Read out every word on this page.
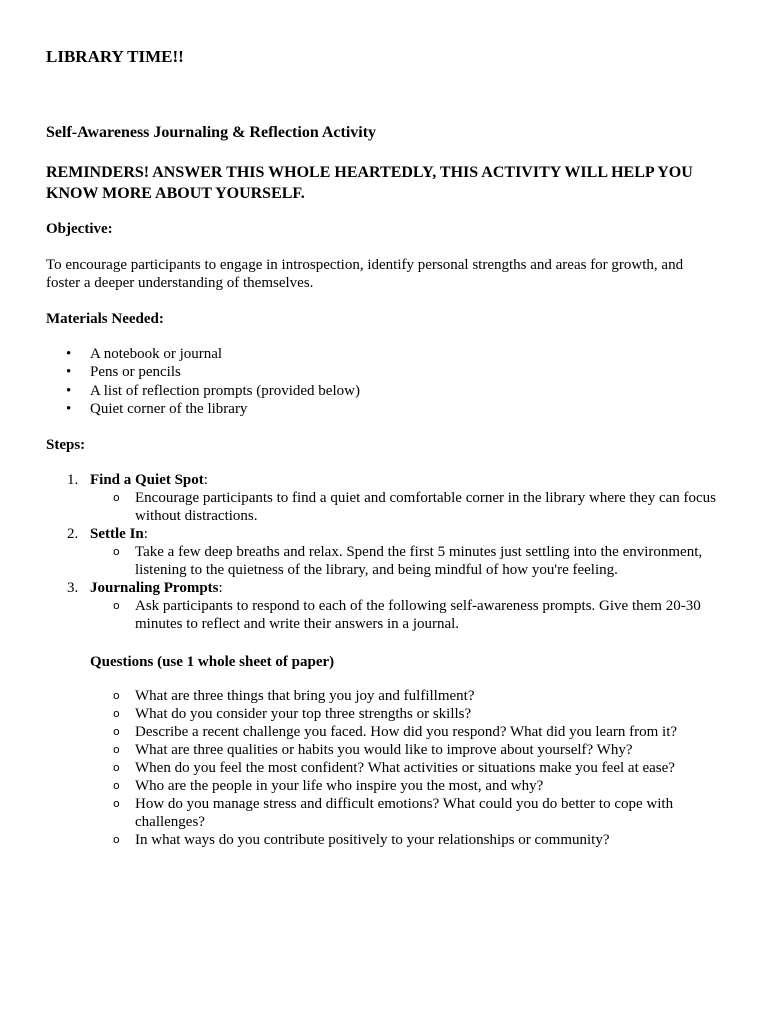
LIBRARY TIME!!
Self-Awareness Journaling & Reflection Activity

REMINDERS! ANSWER THIS WHOLE HEARTEDLY, THIS ACTIVITY WILL HELP YOU KNOW MORE ABOUT YOURSELF.

Objective:

To encourage participants to engage in introspection, identify personal strengths and areas for growth, and foster a deeper understanding of themselves.

Materials Needed:

• A notebook or journal
• Pens or pencils
• A list of reflection prompts (provided below)
• Quiet corner of the library

Steps:

1. Find a Quiet Spot:
o Encourage participants to find a quiet and comfortable corner in the library where they can focus without distractions.
2. Settle In:
o Take a few deep breaths and relax. Spend the first 5 minutes just settling into the environment, listening to the quietness of the library, and being mindful of how you're feeling.
3. Journaling Prompts:
o Ask participants to respond to each of the following self-awareness prompts. Give them 20-30 minutes to reflect and write their answers in a journal.

Questions (use 1 whole sheet of paper)

o What are three things that bring you joy and fulfillment?
o What do you consider your top three strengths or skills?
o Describe a recent challenge you faced. How did you respond? What did you learn from it?
o What are three qualities or habits you would like to improve about yourself? Why?
o When do you feel the most confident? What activities or situations make you feel at ease?
o Who are the people in your life who inspire you the most, and why?
o How do you manage stress and difficult emotions? What could you do better to cope with challenges?
o In what ways do you contribute positively to your relationships or community?
